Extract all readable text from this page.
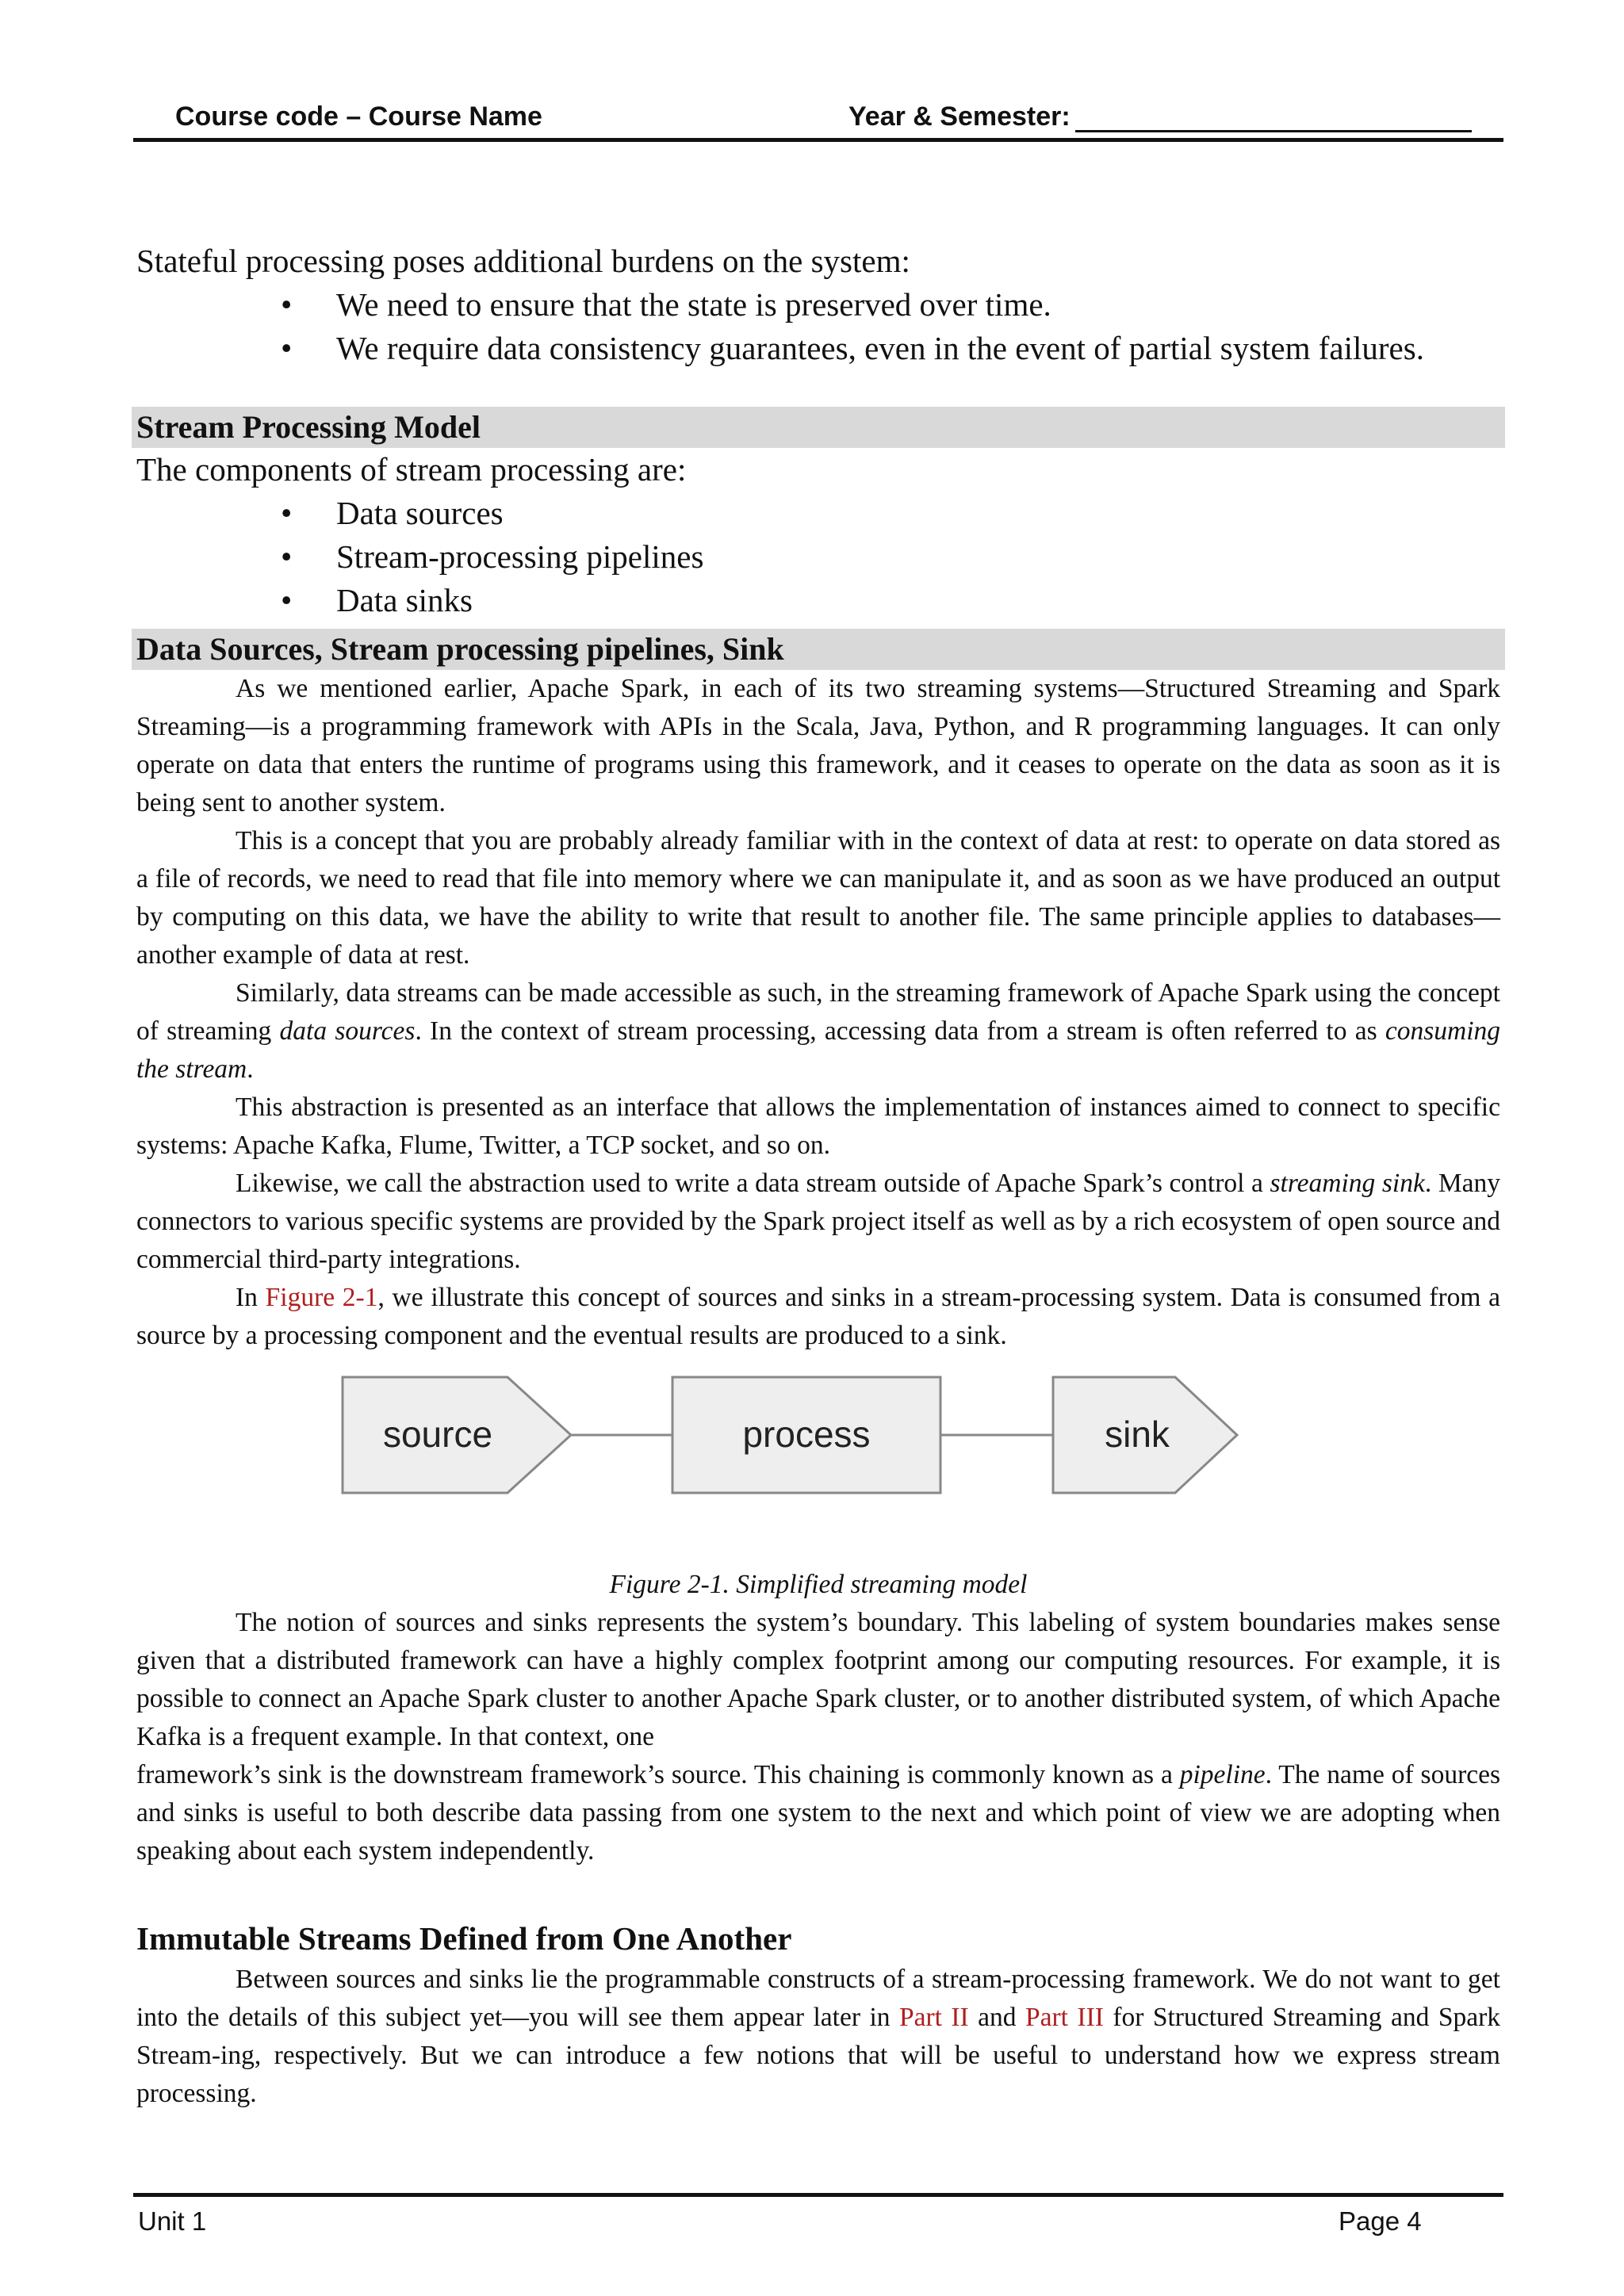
Course code – Course Name	Year & Semester:

Stateful processing poses additional burdens on the system:

• We need to ensure that the state is preserved over time.
• We require data consistency guarantees, even in the event of partial system failures.
Stream Processing Model

The components of stream processing are:

• Data sources
• Stream-processing pipelines
• Data sinks
Data Sources, Stream processing pipelines, Sink

As we mentioned earlier, Apache Spark, in each of its two streaming systems—Structured Streaming and Spark Streaming—is a programming framework with APIs in the Scala, Java, Python, and R programming languages. It can only operate on data that enters the runtime of programs using this framework, and it ceases to operate on the data as soon as it is being sent to another system.

This is a concept that you are probably already familiar with in the context of data at rest: to operate on data stored as a file of records, we need to read that file into memory where we can manipulate it, and as soon as we have produced an output by computing on this data, we have the ability to write that result to another file. The same principle applies to databases—another example of data at rest.

Similarly, data streams can be made accessible as such, in the streaming framework of Apache Spark using the concept of streaming data sources. In the context of stream processing, accessing data from a stream is often referred to as consuming the stream.

This abstraction is presented as an interface that allows the implementation of instances aimed to connect to specific systems: Apache Kafka, Flume, Twitter, a TCP socket, and so on.

Likewise, we call the abstraction used to write a data stream outside of Apache Spark’s control a streaming sink. Many connectors to various specific systems are provided by the Spark project itself as well as by a rich ecosystem of open source and commercial third-party integrations.

In Figure 2-1, we illustrate this concept of sources and sinks in a stream-processing system. Data is consumed from a source by a processing component and the eventual results are produced to a sink.

source	process	sink
Figure 2-1. Simplified streaming model

The notion of sources and sinks represents the system’s boundary. This labeling of system boundaries makes sense given that a distributed framework can have a highly complex footprint among our computing resources. For example, it is possible to connect an Apache Spark cluster to another Apache Spark cluster, or to another distributed system, of which Apache Kafka is a frequent example. In that context, one

framework’s sink is the downstream framework’s source. This chaining is commonly known as a pipeline. The name of sources and sinks is useful to both describe data passing from one system to the next and which point of view we are adopting when speaking about each system independently.

Immutable Streams Defined from One Another

Between sources and sinks lie the programmable constructs of a stream-processing framework. We do not want to get into the details of this subject yet—you will see them appear later in Part II and Part III for Structured Streaming and Spark Stream-ing, respectively. But we can introduce a few notions that will be useful to understand how we express stream processing.

Unit 1	Page 4
